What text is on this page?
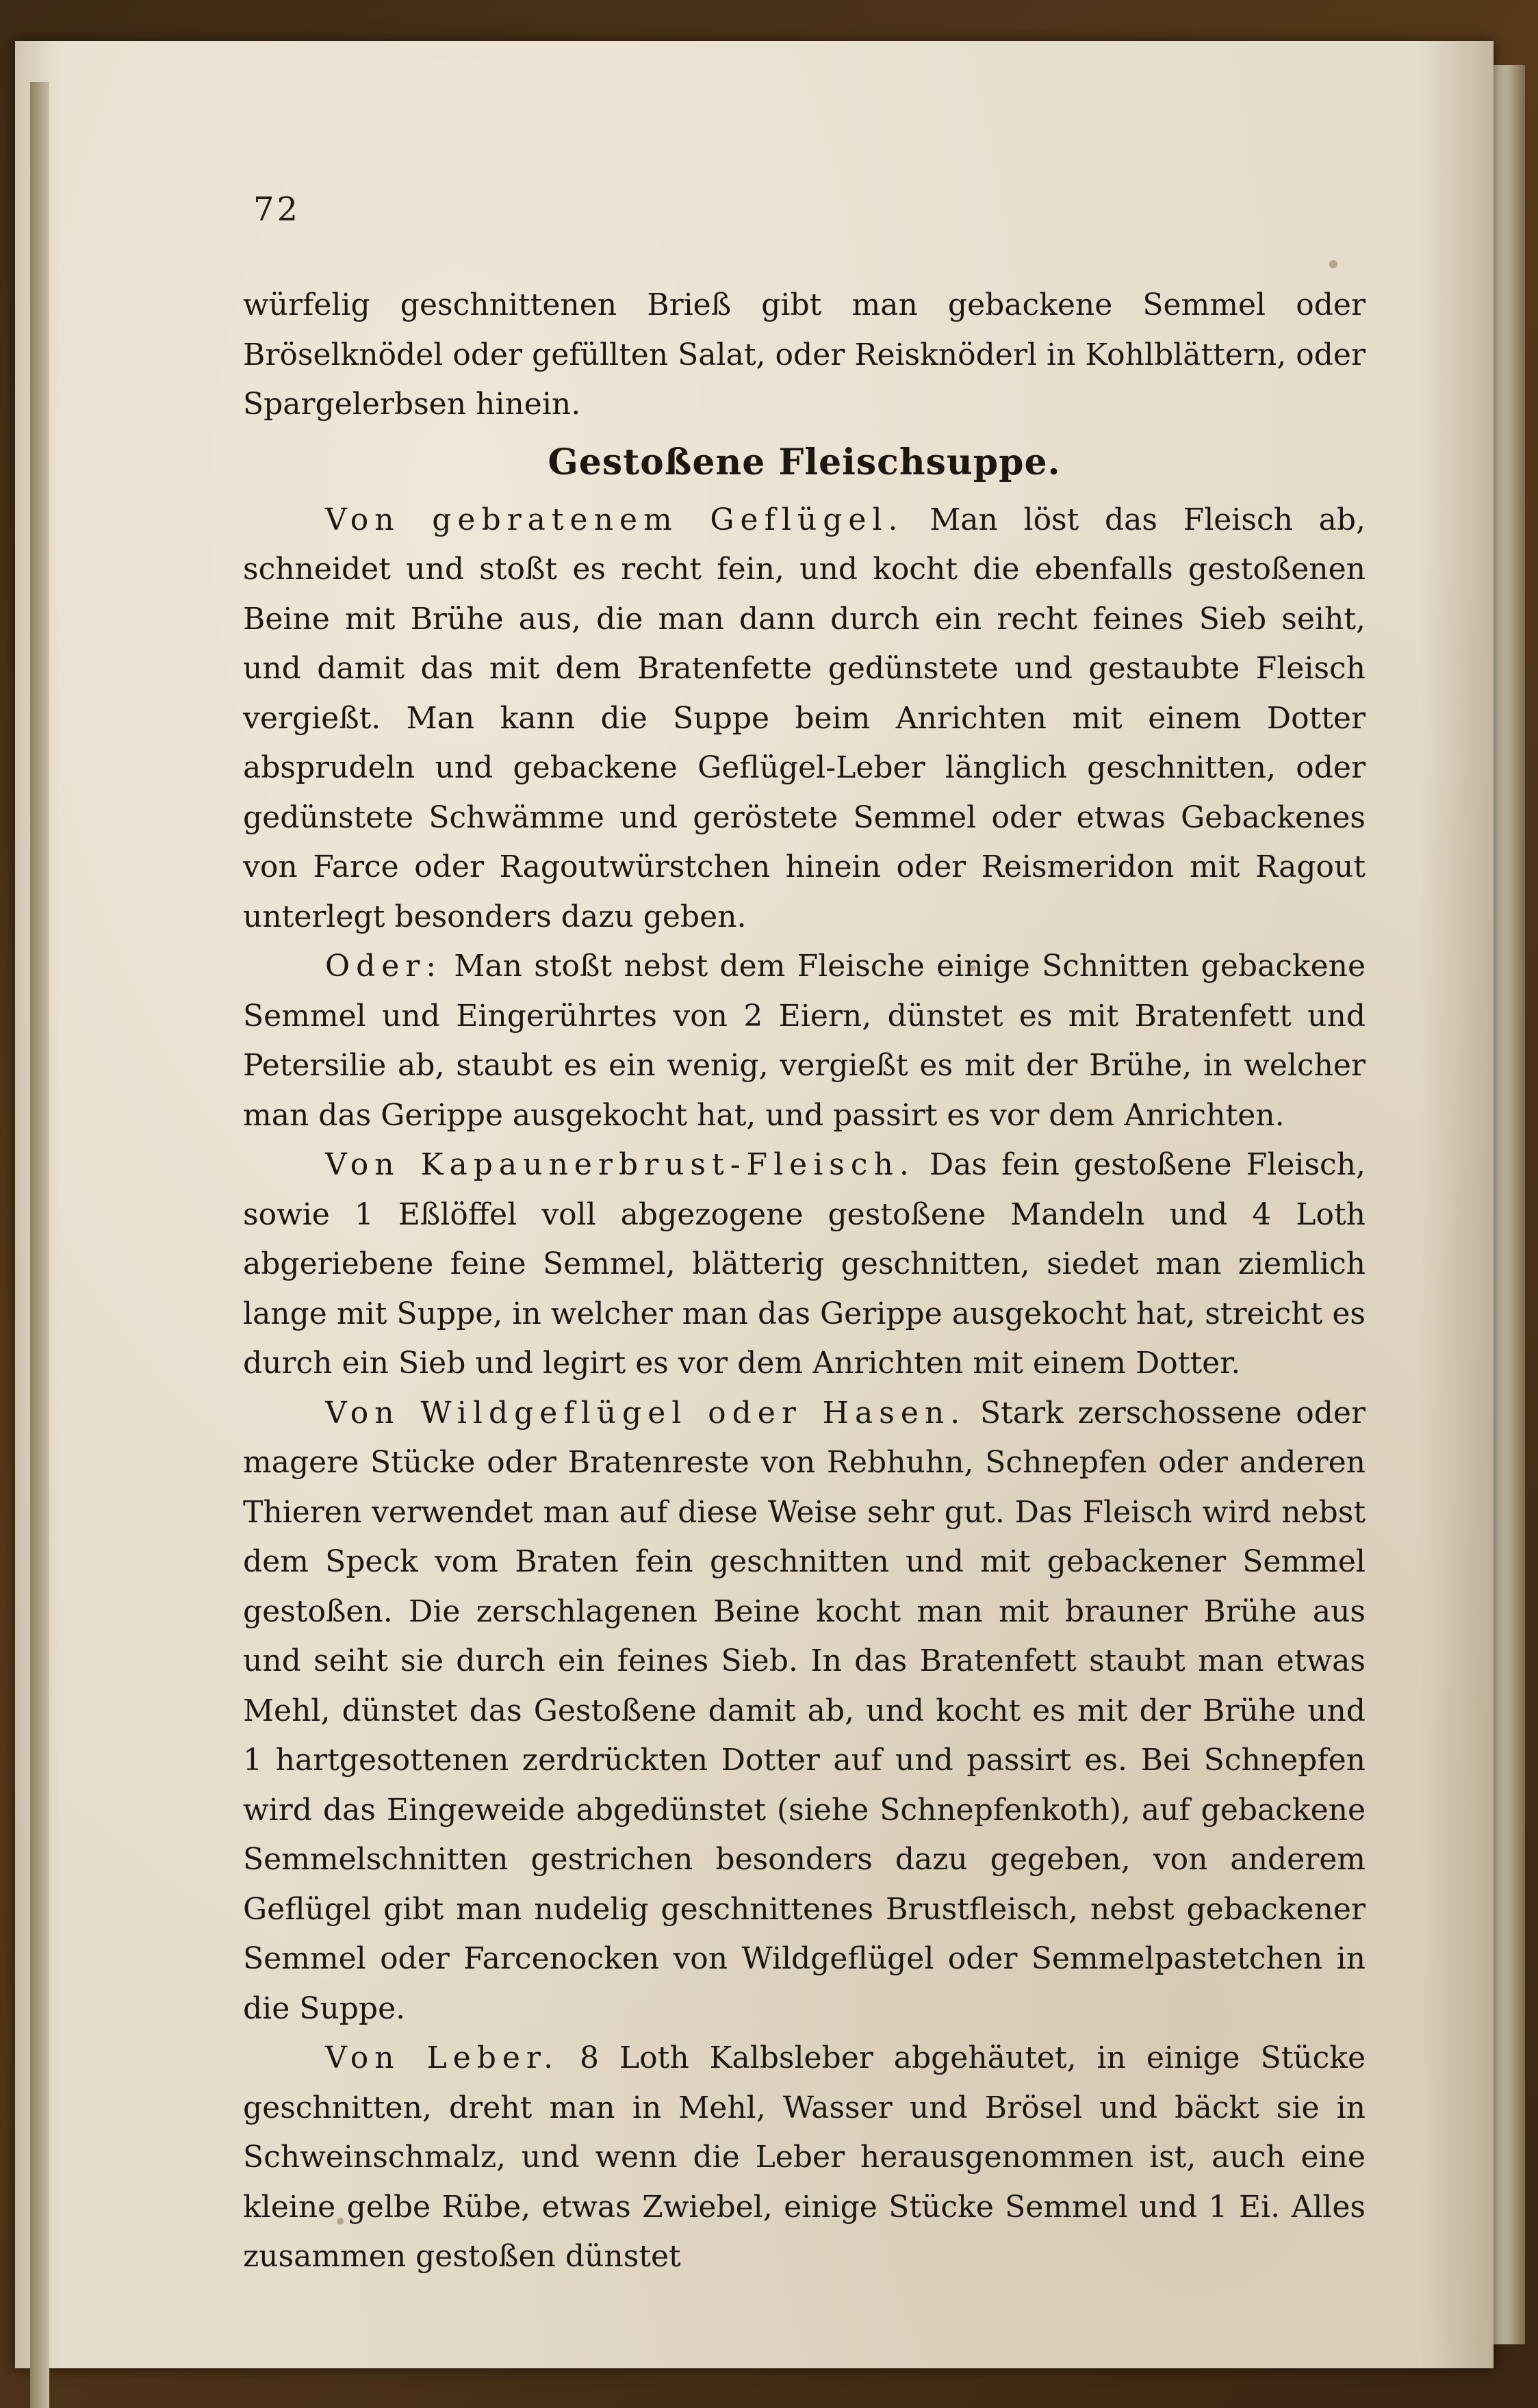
72

würfelig geschnittenen Brieß gibt man gebackene Semmel oder Bröselknödel oder gefüllten Salat, oder Reisknöderl in Kohlblättern, oder Spargelerbsen hinein.

Gestoßene Fleischsuppe.

Von gebratenem Geflügel. Man löst das Fleisch ab, schneidet und stoßt es recht fein, und kocht die ebenfalls gestoßenen Beine mit Brühe aus, die man dann durch ein recht feines Sieb seiht, und damit das mit dem Bratenfette gedünstete und gestaubte Fleisch vergießt. Man kann die Suppe beim Anrichten mit einem Dotter absprudeln und gebackene Geflügel-Leber länglich geschnitten, oder gedünstete Schwämme und geröstete Semmel oder etwas Gebackenes von Farce oder Ragoutwürstchen hinein oder Reismeridon mit Ragout unterlegt besonders dazu geben.

Oder: Man stoßt nebst dem Fleische einige Schnitten gebackene Semmel und Eingerührtes von 2 Eiern, dünstet es mit Bratenfett und Petersilie ab, staubt es ein wenig, vergießt es mit der Brühe, in welcher man das Gerippe ausgekocht hat, und passirt es vor dem Anrichten.

Von Kapaunerbrust-Fleisch. Das fein gestoßene Fleisch, sowie 1 Eßlöffel voll abgezogene gestoßene Mandeln und 4 Loth abgeriebene feine Semmel, blätterig geschnitten, siedet man ziemlich lange mit Suppe, in welcher man das Gerippe ausgekocht hat, streicht es durch ein Sieb und legirt es vor dem Anrichten mit einem Dotter.

Von Wildgeflügel oder Hasen. Stark zerschossene oder magere Stücke oder Bratenreste von Rebhuhn, Schnepfen oder anderen Thieren verwendet man auf diese Weise sehr gut. Das Fleisch wird nebst dem Speck vom Braten fein geschnitten und mit gebackener Semmel gestoßen. Die zerschlagenen Beine kocht man mit brauner Brühe aus und seiht sie durch ein feines Sieb. In das Bratenfett staubt man etwas Mehl, dünstet das Gestoßene damit ab, und kocht es mit der Brühe und 1 hartgesottenen zerdrückten Dotter auf und passirt es. Bei Schnepfen wird das Eingeweide abgedünstet (siehe Schnepfenkoth), auf gebackene Semmelschnitten gestrichen besonders dazu gegeben, von anderem Geflügel gibt man nudelig geschnittenes Brustfleisch, nebst gebackener Semmel oder Farcenocken von Wildgeflügel oder Semmelpastetchen in die Suppe.

Von Leber. 8 Loth Kalbsleber abgehäutet, in einige Stücke geschnitten, dreht man in Mehl, Wasser und Brösel und bäckt sie in Schweinschmalz, und wenn die Leber herausgenommen ist, auch eine kleine gelbe Rübe, etwas Zwiebel, einige Stücke Semmel und 1 Ei. Alles zusammen gestoßen dünstet
